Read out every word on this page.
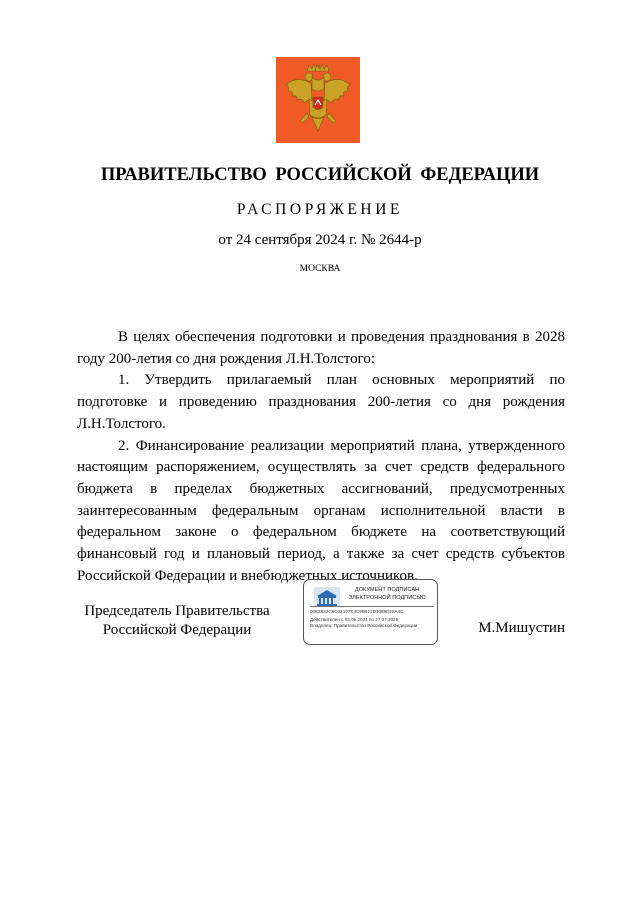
ПРАВИТЕЛЬСТВО РОССИЙСКОЙ ФЕДЕРАЦИИ
РАСПОРЯЖЕНИЕ
от 24 сентября 2024 г. № 2644-р
МОСКВА

В целях обеспечения подготовки и проведения празднования в 2028 году 200-летия со дня рождения Л.Н.Толстого:

1. Утвердить прилагаемый план основных мероприятий по подготовке и проведению празднования 200-летия со дня рождения Л.Н.Толстого.

2. Финансирование реализации мероприятий плана, утвержденного настоящим распоряжением, осуществлять за счет средств федерального бюджета в пределах бюджетных ассигнований, предусмотренных заинтересованным федеральным органам исполнительной власти в федеральном законе о федеральном бюджете на соответствующий финансовый год и плановый период, а также за счет средств субъектов Российской Федерации и внебюджетных источников.

Председатель Правительства
Российской Федерации
ДОКУМЕНТ ПОДПИСАН
ЭЛЕКТРОННОЙ ПОДПИСЬЮ
00E3632C6C02197E4C9B921D3089D28A4C
Действителен с 03.05.2024 по 27.07.2025
Владелец: Правительство Российской Федерации	М.Мишустин
